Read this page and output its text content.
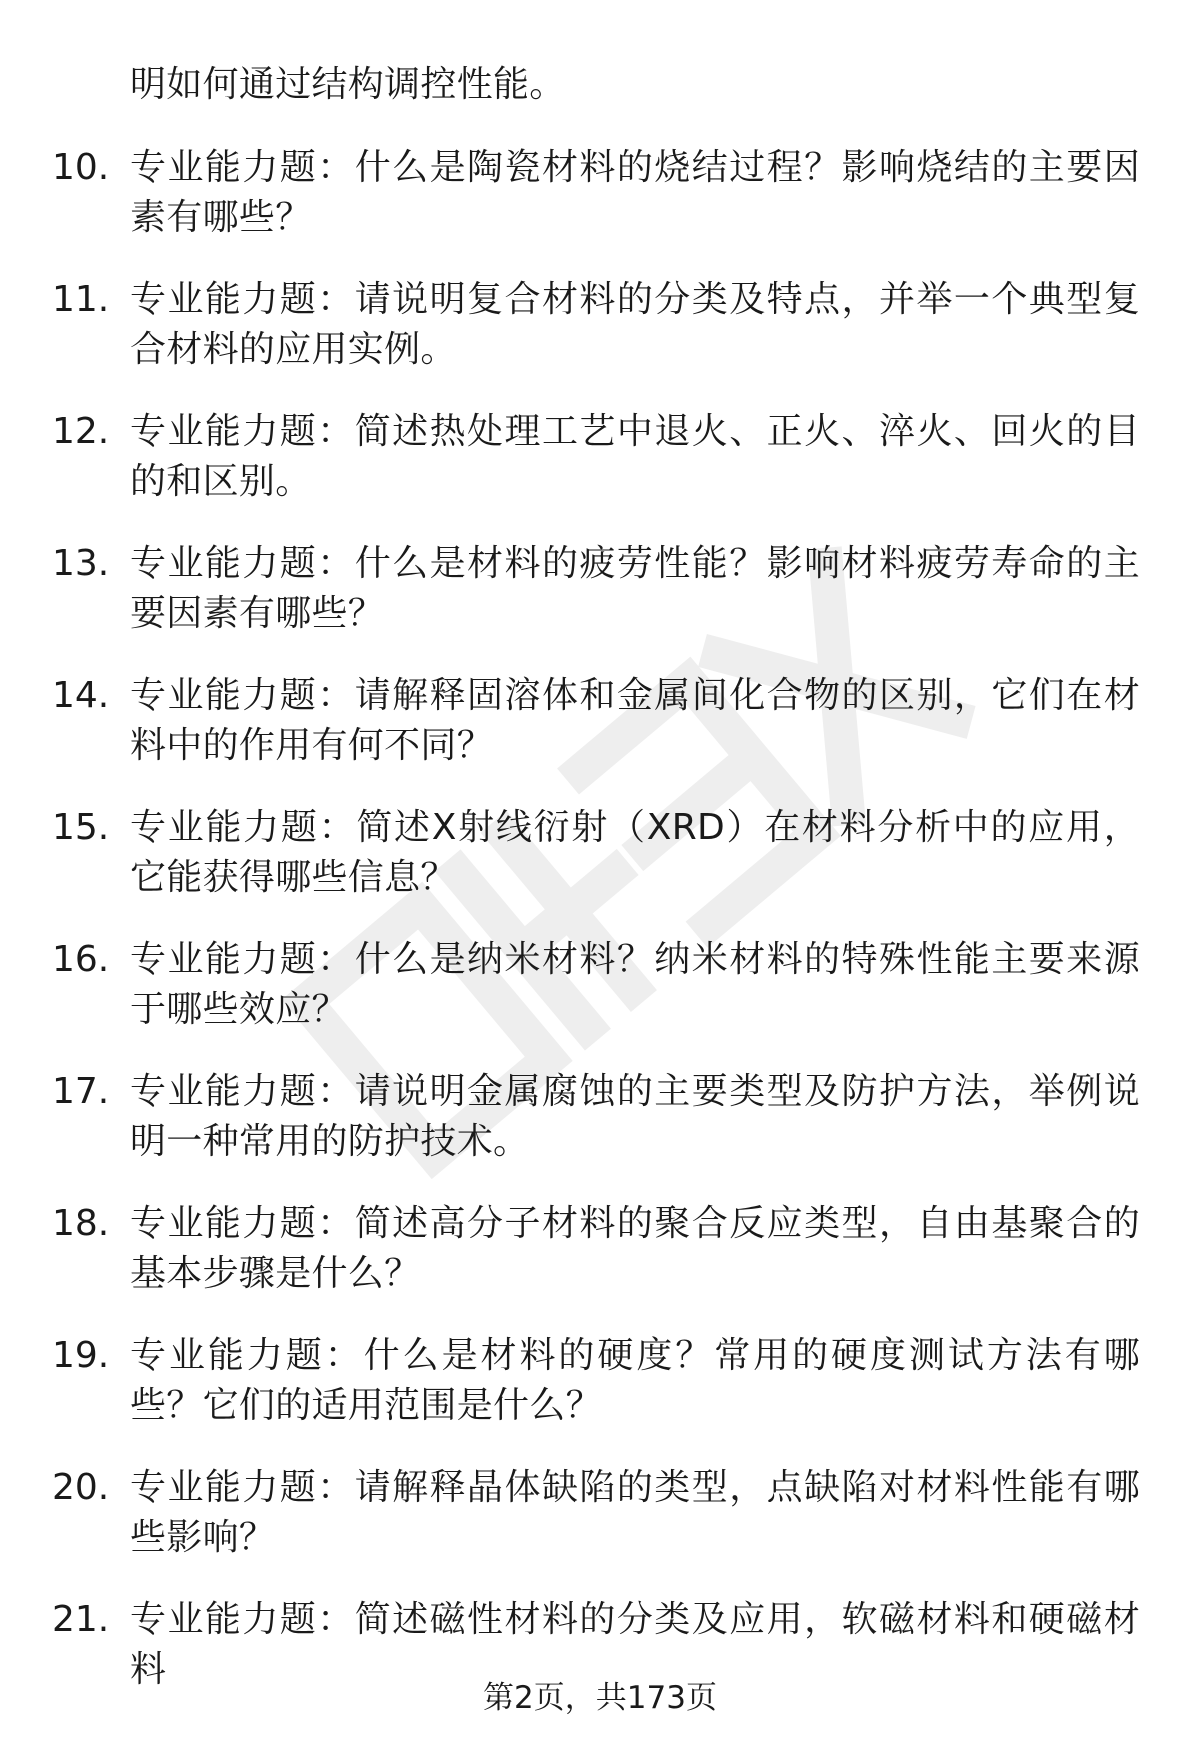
明如何通过结构调控性能。
10. 专业能力题：什么是陶瓷材料的烧结过程？影响烧结的主要因素有哪些？
11. 专业能力题：请说明复合材料的分类及特点，并举一个典型复合材料的应用实例。
12. 专业能力题：简述热处理工艺中退火、正火、淬火、回火的目的和区别。
13. 专业能力题：什么是材料的疲劳性能？影响材料疲劳寿命的主要因素有哪些？
14. 专业能力题：请解释固溶体和金属间化合物的区别，它们在材料中的作用有何不同？
15. 专业能力题：简述X射线衍射（XRD）在材料分析中的应用，它能获得哪些信息？
16. 专业能力题：什么是纳米材料？纳米材料的特殊性能主要来源于哪些效应？
17. 专业能力题：请说明金属腐蚀的主要类型及防护方法，举例说明一种常用的防护技术。
18. 专业能力题：简述高分子材料的聚合反应类型，自由基聚合的基本步骤是什么？
19. 专业能力题：什么是材料的硬度？常用的硬度测试方法有哪些？它们的适用范围是什么？
20. 专业能力题：请解释晶体缺陷的类型，点缺陷对材料性能有哪些影响？
21. 专业能力题：简述磁性材料的分类及应用，软磁材料和硬磁材料
第2页，共173页
